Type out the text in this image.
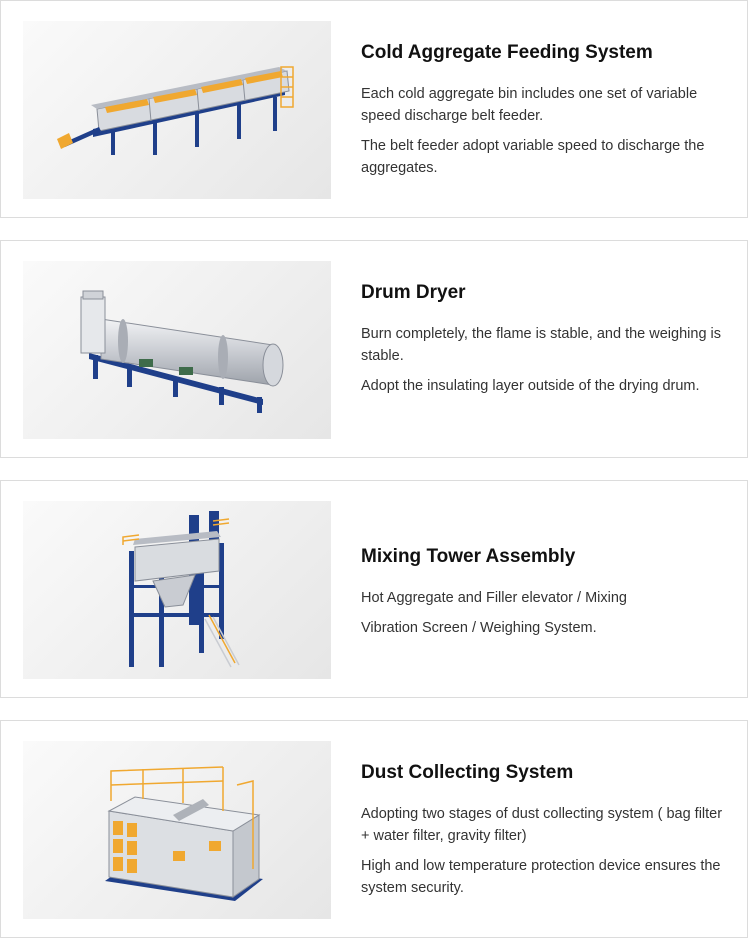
Cold Aggregate Feeding System

Each cold aggregate bin includes one set of variable speed discharge belt feeder.

The belt feeder adopt variable speed to discharge the aggregates.

Drum Dryer

Burn completely, the flame is stable, and the weighing is stable.

Adopt the insulating layer outside of the drying drum.

Mixing Tower Assembly

Hot Aggregate and Filler elevator / Mixing

Vibration Screen / Weighing System.

Dust Collecting System

Adopting two stages of dust collecting system ( bag filter + water filter, gravity filter)

High and low temperature protection device ensures the system security.
